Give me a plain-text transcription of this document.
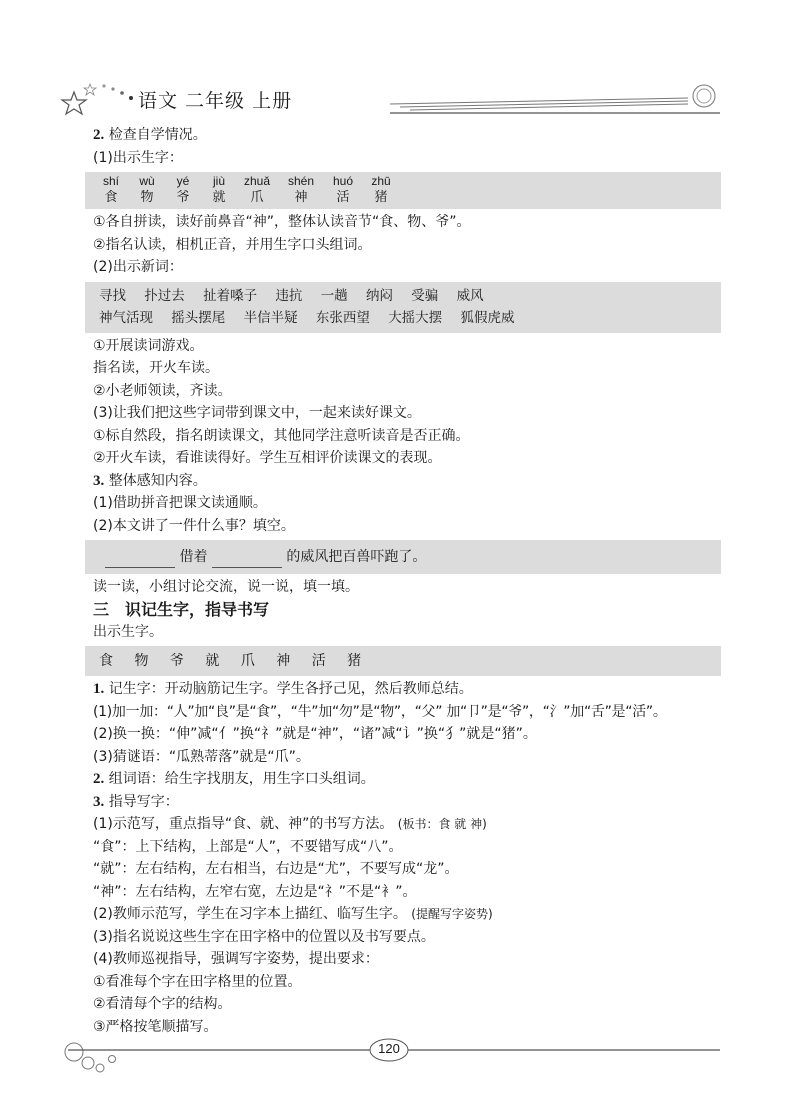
语文 二年级 上册
2. 检查自学情况。
(1)出示生字：
shí
食
wù
物
yé
爷
jiù
就
zhuǎ
爪
shén
神
huó
活
zhū
猪
①各自拼读，读好前鼻音“神”，整体认读音节“食、物、爷”。
②指名认读，相机正音，并用生字口头组词。
(2)出示新词：
寻找 扑过去 扯着嗓子 违抗 一趟 纳闷 受骗 威风
神气活现 摇头摆尾 半信半疑 东张西望 大摇大摆 狐假虎威
①开展读词游戏。
指名读，开火车读。
②小老师领读，齐读。
(3)让我们把这些字词带到课文中，一起来读好课文。
①标自然段，指名朗读课文，其他同学注意听读音是否正确。
②开火车读，看谁读得好。学生互相评价读课文的表现。
3. 整体感知内容。
(1)借助拼音把课文读通顺。
(2)本文讲了一件什么事？填空。
借着	的威风把百兽吓跑了。
读一读，小组讨论交流，说一说，填一填。
三　识记生字，指导书写
出示生字。
食 物 爷 就 爪 神 活 猪
1. 记生字：开动脑筋记生字。学生各抒己见，然后教师总结。
(1)加一加：“人”加“良”是“食”，“牛”加“勿”是“物”，“父” 加“卩”是“爷”，“氵”加“舌”是“活”。
(2)换一换：“伸”减“亻”换“礻”就是“神”，“诸”减“讠”换“犭”就是“猪”。
(3)猜谜语：“瓜熟蒂落”就是“爪”。
2. 组词语：给生字找朋友，用生字口头组词。
3. 指导写字：
(1)示范写，重点指导“食、就、神”的书写方法。 (板书：食 就 神)
“食”：上下结构，上部是“人”，不要错写成“八”。
“就”：左右结构，左右相当，右边是“尤”，不要写成“龙”。
“神”：左右结构，左窄右宽，左边是“礻”不是“衤”。
(2)教师示范写，学生在习字本上描红、临写生字。 (提醒写字姿势)
(3)指名说说这些生字在田字格中的位置以及书写要点。
(4)教师巡视指导，强调写字姿势，提出要求：
①看准每个字在田字格里的位置。
②看清每个字的结构。
③严格按笔顺描写。
120
